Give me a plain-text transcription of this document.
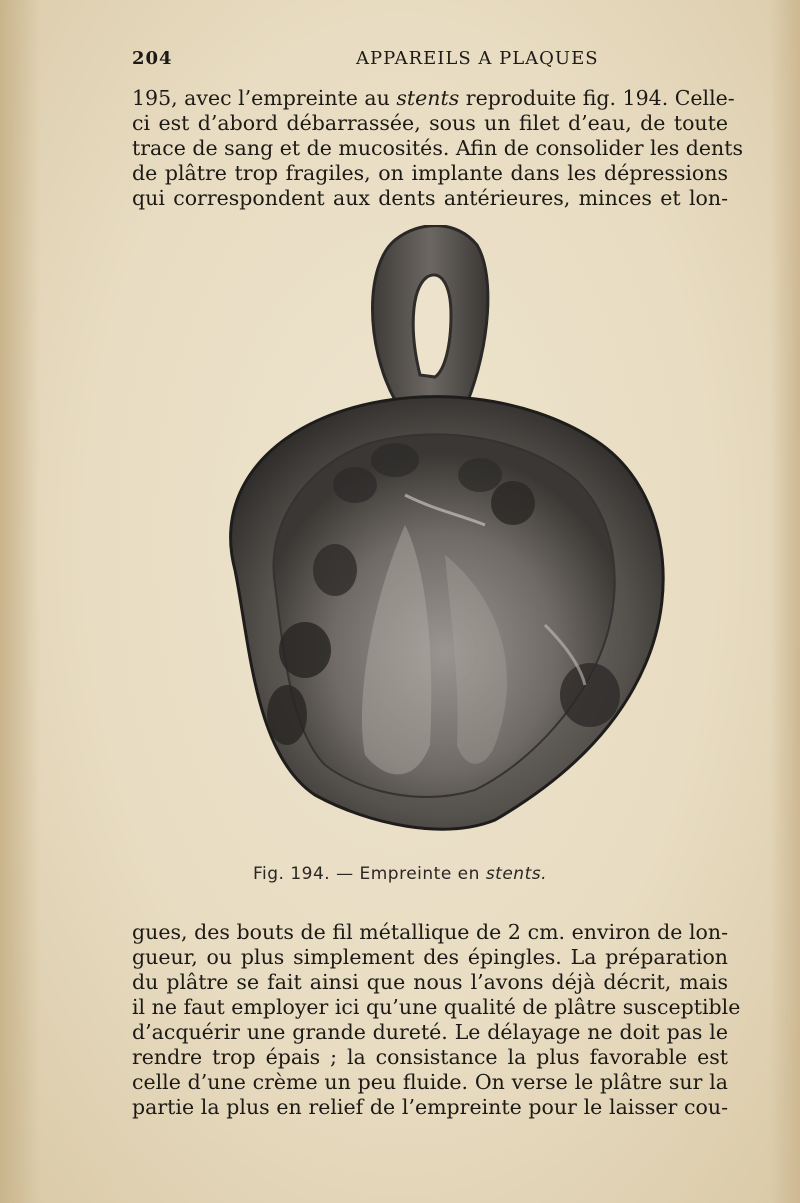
204	APPAREILS A PLAQUES
195, avec l’empreinte au stents reproduite fig. 194. Celle-
ci est d’abord débarrassée, sous un filet d’eau, de toute
trace de sang et de mucosités. Afin de consolider les dents
de plâtre trop fragiles, on implante dans les dépressions
qui correspondent aux dents antérieures, minces et lon-
Fig. 194. — Empreinte en stents.
gues, des bouts de fil métallique de 2 cm. environ de lon-
gueur, ou plus simplement des épingles. La préparation
du plâtre se fait ainsi que nous l’avons déjà décrit, mais
il ne faut employer ici qu’une qualité de plâtre susceptible
d’acquérir une grande dureté. Le délayage ne doit pas le
rendre trop épais ; la consistance la plus favorable est
celle d’une crème un peu fluide. On verse le plâtre sur la
partie la plus en relief de l’empreinte pour le laisser cou-
